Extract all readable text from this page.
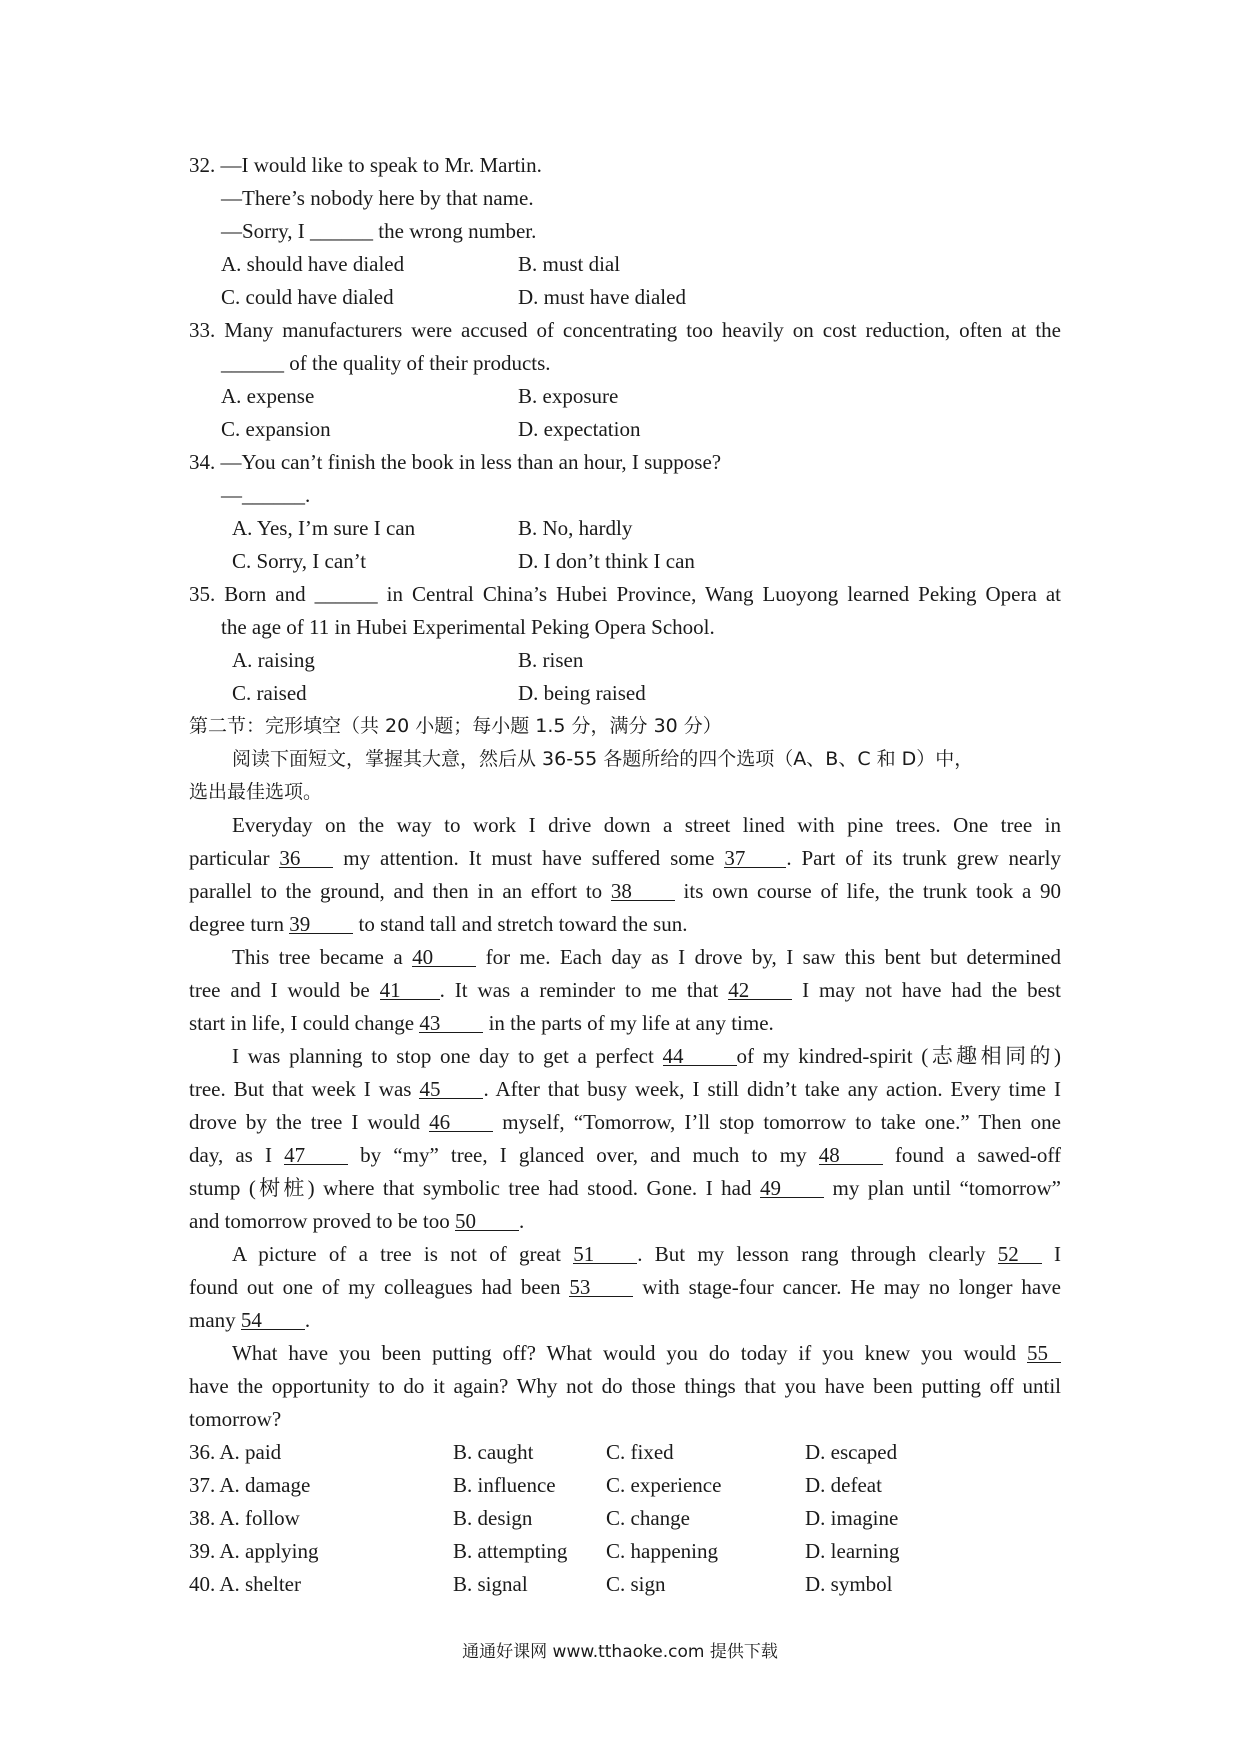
32. —I would like to speak to Mr. Martin.
—There’s nobody here by that name.
—Sorry, I ______ the wrong number.
A. should have dialed	B. must dial
C. could have dialed	D. must have dialed
33. Many manufacturers were accused of concentrating too heavily on cost reduction, often at the
______ of the quality of their products.
A. expense	B. exposure
C. expansion	D. expectation
34. —You can’t finish the book in less than an hour, I suppose?
—______.
A. Yes, I’m sure I can	B. No, hardly
C. Sorry, I can’t	D. I don’t think I can
35. Born and ______ in Central China’s Hubei Province, Wang Luoyong learned Peking Opera at
the age of 11 in Hubei Experimental Peking Opera School.
A. raising	B. risen
C. raised	D. being raised
第二节：完形填空（共 20 小题；每小题 1.5 分，满分 30 分）
阅读下面短文，掌握其大意，然后从 36-55 各题所给的四个选项（A、B、C 和 D）中，
选出最佳选项。
Everyday on the way to work I drive down a street lined with pine trees. One tree in
particular 36 my attention. It must have suffered some 37 . Part of its trunk grew nearly
parallel to the ground, and then in an effort to 38 its own course of life, the trunk took a 90
degree turn 39 to stand tall and stretch toward the sun.
This tree became a 40 for me. Each day as I drove by, I saw this bent but determined
tree and I would be 41 . It was a reminder to me that 42 I may not have had the best
start in life, I could change 43 in the parts of my life at any time.
I was planning to stop one day to get a perfect 44	of my kindred-spirit (志趣相同的)
tree. But that week I was 45 . After that busy week, I still didn’t take any action. Every time I
drove by the tree I would 46 myself, “Tomorrow, I’ll stop tomorrow to take one.” Then one
day, as I 47 by “my” tree, I glanced over, and much to my 48 found a sawed-off
stump (树桩) where that symbolic tree had stood. Gone. I had 49 my plan until “tomorrow”
and tomorrow proved to be too 50 .
A picture of a tree is not of great 51 . But my lesson rang through clearly 52 I
found out one of my colleagues had been 53 with stage-four cancer. He may no longer have
many 54 .
What have you been putting off? What would you do today if you knew you would 55
have the opportunity to do it again? Why not do those things that you have been putting off until
tomorrow?
36. A. paid	B. caught	C. fixed	D. escaped
37. A. damage	B. influence C. experience	D. defeat
38. A. follow	B. design	C. change	D. imagine
39. A. applying	B. attempting C. happening	D. learning
40. A. shelter	B. signal	C. sign	D. symbol
通通好课网 www.tthaoke.com 提供下载
